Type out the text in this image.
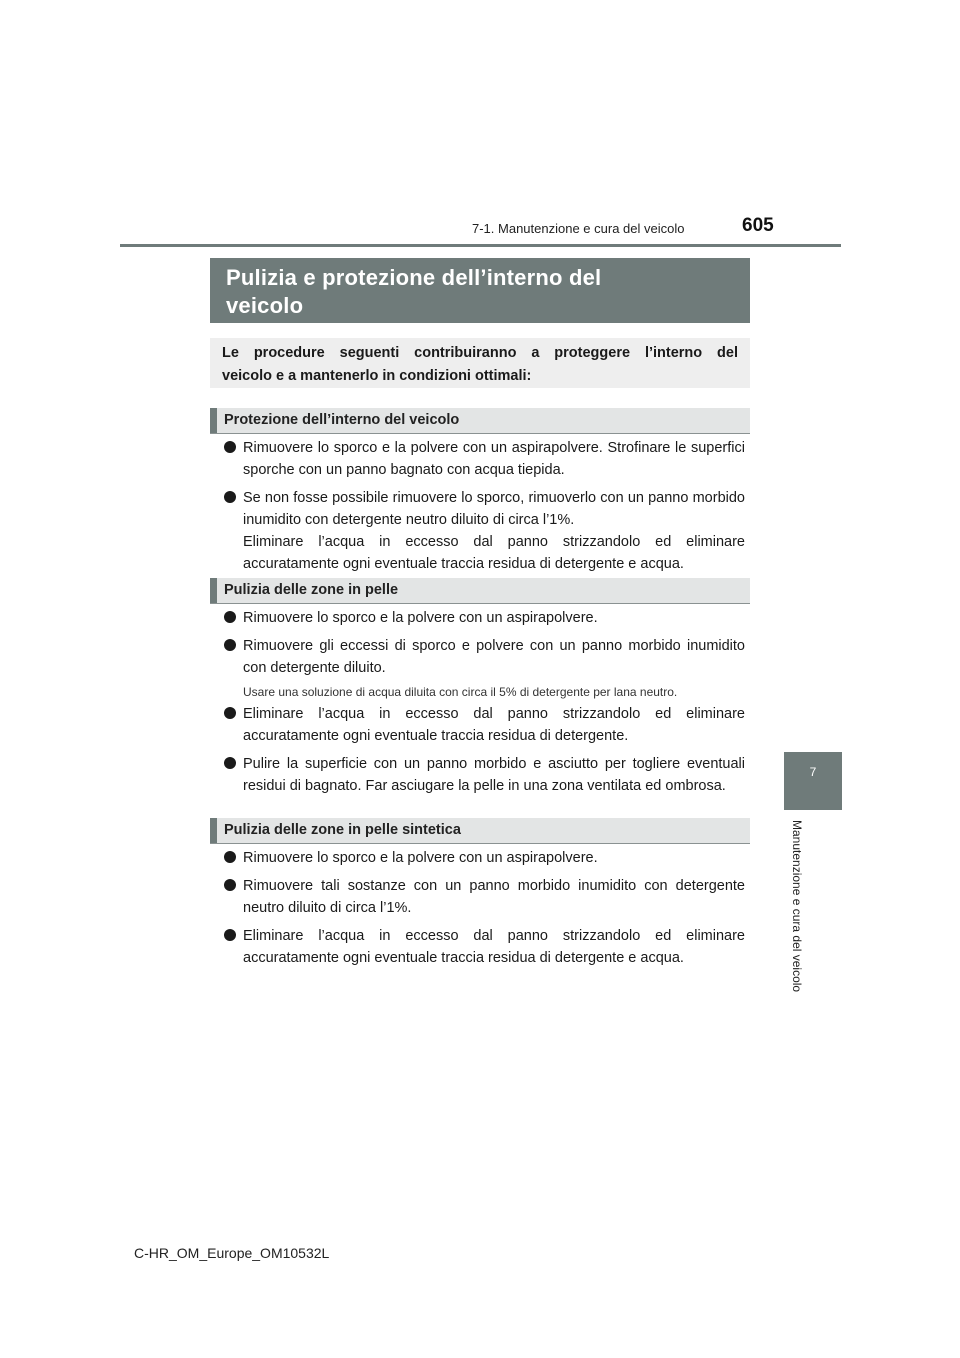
7-1. Manutenzione e cura del veicolo	605
7
Manutenzione e cura del veicolo
Pulizia e protezione dell’interno del
veicolo
Le procedure seguenti contribuiranno a proteggere l’interno del
veicolo e a mantenerlo in condizioni ottimali:
Protezione dell’interno del veicolo
Rimuovere lo sporco e la polvere con un aspirapolvere. Strofinare le superfici sporche con un panno bagnato con acqua tiepida.
Se non fosse possibile rimuovere lo sporco, rimuoverlo con un panno morbido inumidito con detergente neutro diluito di circa l’1%.
Eliminare l’acqua in eccesso dal panno strizzandolo ed eliminare accuratamente ogni eventuale traccia residua di detergente e acqua.
Pulizia delle zone in pelle
Rimuovere lo sporco e la polvere con un aspirapolvere.
Rimuovere gli eccessi di sporco e polvere con un panno morbido inumidito con detergente diluito.
Usare una soluzione di acqua diluita con circa il 5% di detergente per lana neutro.
Eliminare l’acqua in eccesso dal panno strizzandolo ed eliminare accuratamente ogni eventuale traccia residua di detergente.
Pulire la superficie con un panno morbido e asciutto per togliere eventuali residui di bagnato. Far asciugare la pelle in una zona ventilata ed ombrosa.
Pulizia delle zone in pelle sintetica
Rimuovere lo sporco e la polvere con un aspirapolvere.
Rimuovere tali sostanze con un panno morbido inumidito con detergente neutro diluito di circa l’1%.
Eliminare l’acqua in eccesso dal panno strizzandolo ed eliminare accuratamente ogni eventuale traccia residua di detergente e acqua.
C-HR_OM_Europe_OM10532L
